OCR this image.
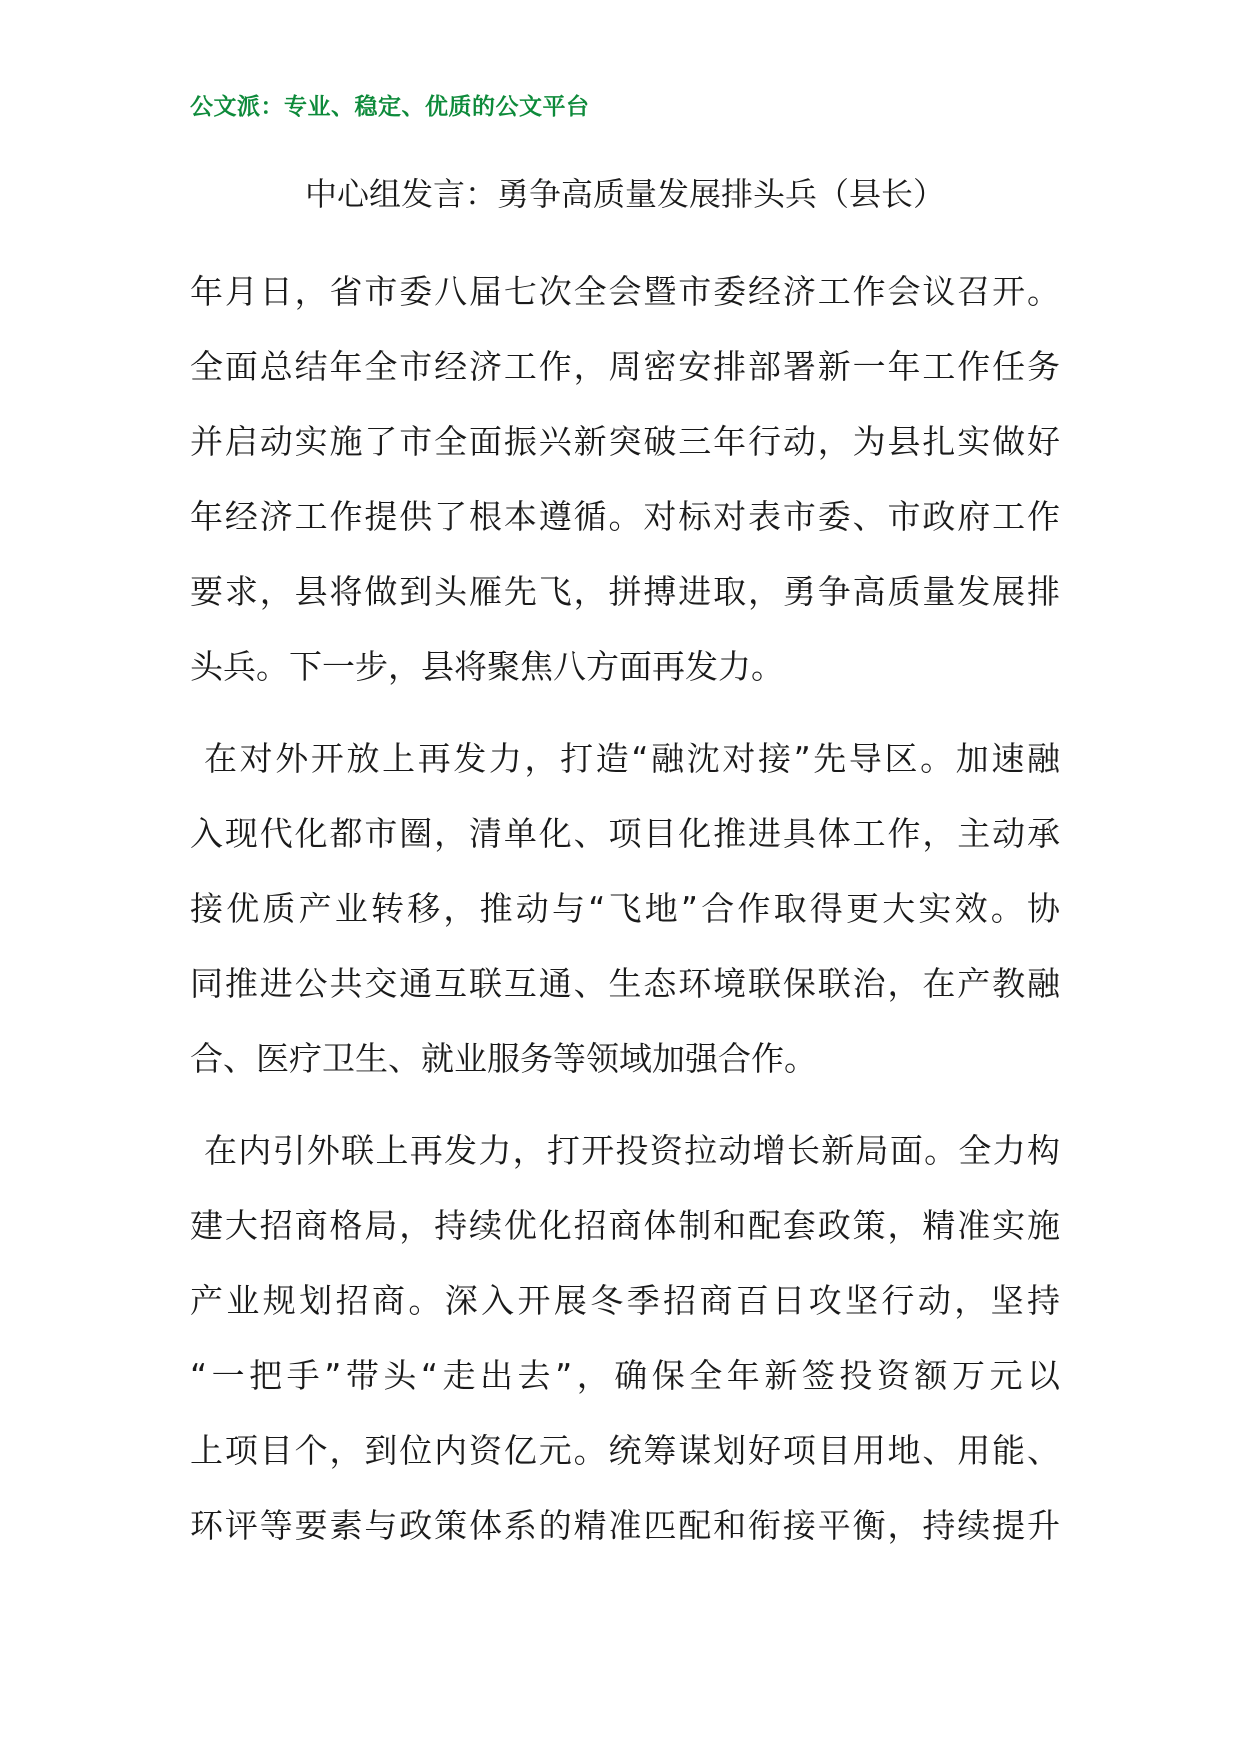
公文派：专业、稳定、优质的公文平台
中心组发言：勇争高质量发展排头兵（县长）
年月日，省市委八届七次全会暨市委经济工作会议召开。
全面总结年全市经济工作，周密安排部署新一年工作任务
并启动实施了市全面振兴新突破三年行动，为县扎实做好
年经济工作提供了根本遵循。对标对表市委、市政府工作
要求，县将做到头雁先飞，拼搏进取，勇争高质量发展排
头兵。下一步，县将聚焦八方面再发力。
在对外开放上再发力，打造“融沈对接”先导区。加速融
入现代化都市圈，清单化、项目化推进具体工作，主动承
接优质产业转移，推动与“飞地”合作取得更大实效。协
同推进公共交通互联互通、生态环境联保联治，在产教融
合、医疗卫生、就业服务等领域加强合作。
在内引外联上再发力，打开投资拉动增长新局面。全力构
建大招商格局，持续优化招商体制和配套政策，精准实施
产业规划招商。深入开展冬季招商百日攻坚行动，坚持
“一把手”带头“走出去”，确保全年新签投资额万元以
上项目个，到位内资亿元。统筹谋划好项目用地、用能、
环评等要素与政策体系的精准匹配和衔接平衡，持续提升
